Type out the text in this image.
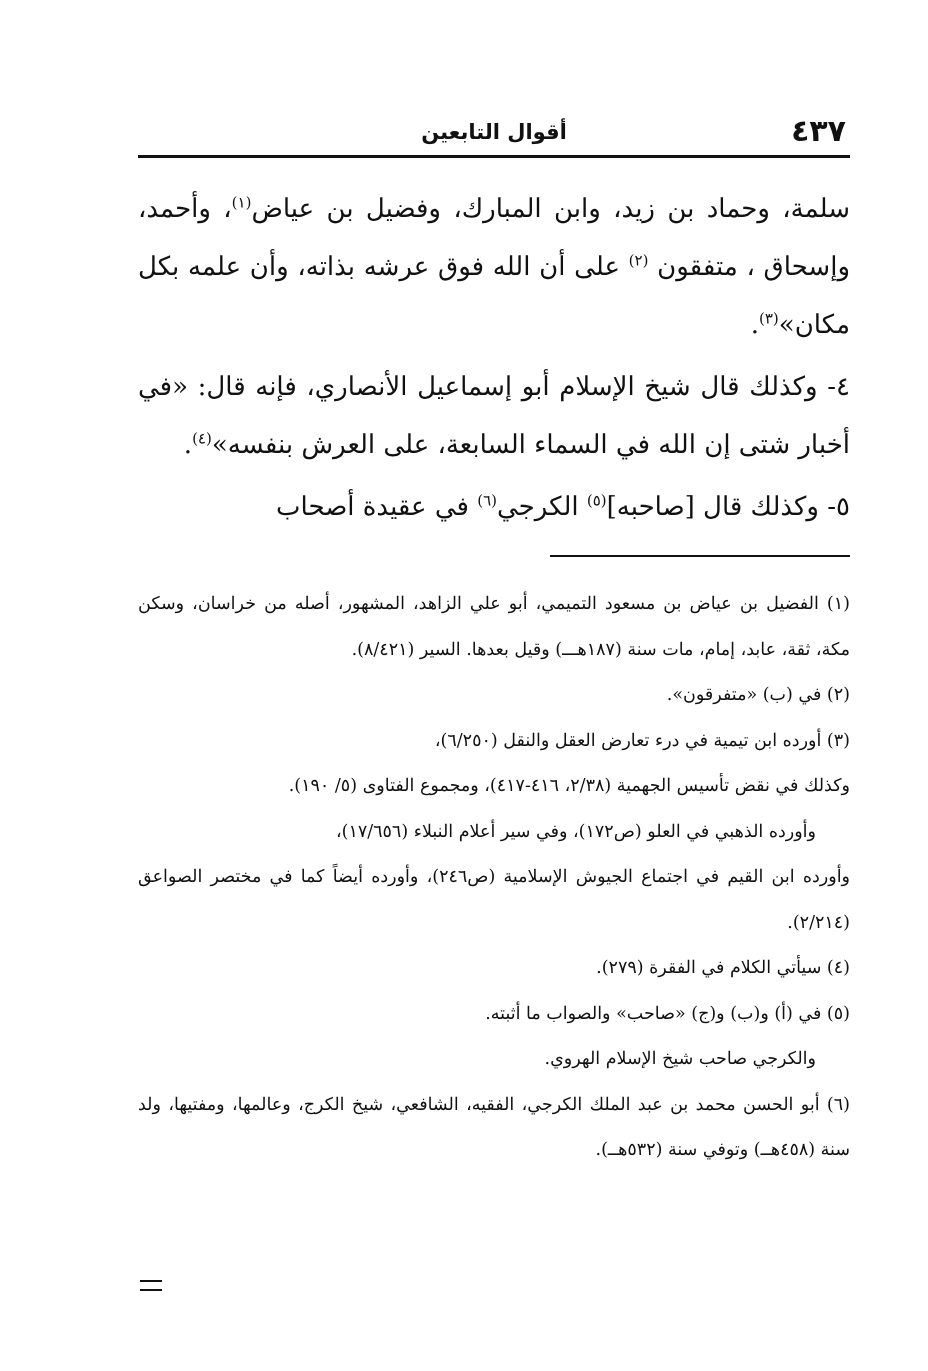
٤٣٧
أقوال التابعين

سلمة، وحماد بن زيد، وابن المبارك، وفضيل بن عياض$^{(١)}$، وأحمد، وإسحاق ، متفقون $^{(٢)}$ على أن الله فوق عرشه بذاته، وأن علمه بكل مكان»$^{(٣)}$.

٤- وكذلك قال شيخ الإسلام أبو إسماعيل الأنصاري، فإنه قال: «في أخبار شتى إن الله في السماء السابعة، على العرش بنفسه»$^{(٤)}$.

٥- وكذلك قال [صاحبه]$^{(٥)}$ الكرجي$^{(٦)}$ في عقيدة أصحاب

(١) الفضيل بن عياض بن مسعود التميمي، أبو علي الزاهد، المشهور، أصله من خراسان، وسكن مكة، ثقة، عابد، إمام، مات سنة (١٨٧هـــ) وقيل بعدها. السير (٨/٤٢١).

(٢) في (ب) «متفرقون».

(٣) أورده ابن تيمية في درء تعارض العقل والنقل (٦/٢٥٠)،

وكذلك في نقض تأسيس الجهمية (٢/٣٨، ٤١٦-٤١٧)، ومجموع الفتاوى (٥/ ١٩٠).

وأورده الذهبي في العلو (ص١٧٢)، وفي سير أعلام النبلاء (١٧/٦٥٦)،

وأورده ابن القيم في اجتماع الجيوش الإسلامية (ص٢٤٦)، وأورده أيضاً كما في مختصر الصواعق (٢/٢١٤).

(٤) سيأتي الكلام في الفقرة (٢٧٩).

(٥) في (أ) و(ب) و(ج) «صاحب» والصواب ما أثبته.

والكرجي صاحب شيخ الإسلام الهروي.

(٦) أبو الحسن محمد بن عبد الملك الكرجي، الفقيه، الشافعي، شيخ الكرج، وعالمها، ومفتيها، ولد سنة (٤٥٨هــ) وتوفي سنة (٥٣٢هــ).
